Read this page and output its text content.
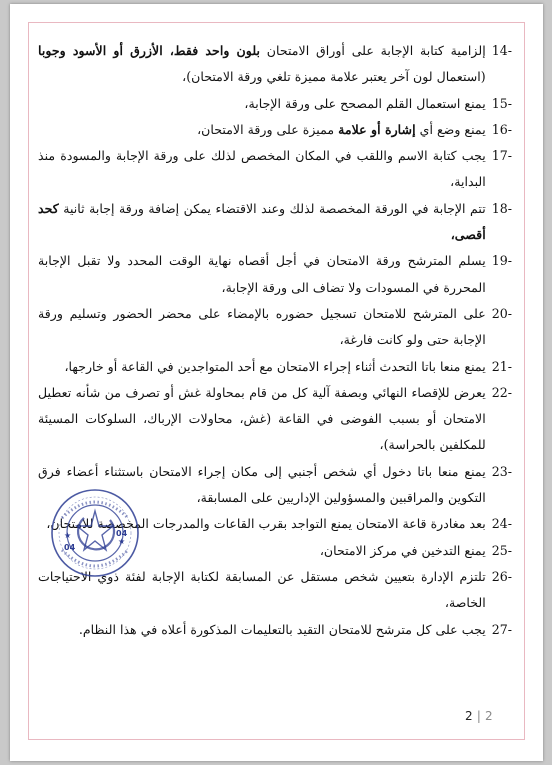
14-
إلزامية كتابة الإجابة على أوراق الامتحان بلون واحد فقط، الأزرق أو الأسود وجوبا (استعمال لون آخر يعتبر علامة مميزة تلغي ورقة الامتحان)،
15-
يمنع استعمال القلم المصحح على ورقة الإجابة،
16-
يمنع وضع أي إشارة أو علامة مميزة على ورقة الامتحان،
17-
يجب كتابة الاسم واللقب في المكان المخصص لذلك على ورقة الإجابة والمسودة منذ البداية،
18-
تتم الإجابة في الورقة المخصصة لذلك وعند الاقتضاء يمكن إضافة ورقة إجابة ثانية كحد أقصى،
19-
يسلم المترشح ورقة الامتحان في أجل أقصاه نهاية الوقت المحدد ولا تقبل الإجابة المحررة في المسودات ولا تضاف الى ورقة الإجابة،
20-
على المترشح للامتحان تسجيل حضوره بالإمضاء على محضر الحضور وتسليم ورقة الإجابة حتى ولو كانت فارغة،
21-
يمنع منعا باتا التحدث أثناء إجراء الامتحان مع أحد المتواجدين في القاعة أو خارجها،
22-
يعرض للإقصاء النهائي وبصفة آلية كل من قام بمحاولة غش أو تصرف من شأنه تعطيل الامتحان أو بسبب الفوضى في القاعة (غش، محاولات الإرباك، السلوكات المسيئة للمكلفين بالحراسة)،
23-
يمنع منعا باتا دخول أي شخص أجنبي إلى مكان إجراء الامتحان باستثناء أعضاء فرق التكوين والمراقبين والمسؤولين الإداريين على المسابقة،
24-
بعد مغادرة قاعة الامتحان يمنع التواجد بقرب القاعات والمدرجات المخصصة للامتحان،
25-
يمنع التدخين في مركز الامتحان،
26-
تلتزم الإدارة بتعيين شخص مستقل عن المسابقة لكتابة الإجابة لفئة ذوي الاحتياجات الخاصة،
27-
يجب على كل مترشح للامتحان التقيد بالتعليمات المذكورة أعلاه في هذا النظام.
★
★
04
04
2 | 2
